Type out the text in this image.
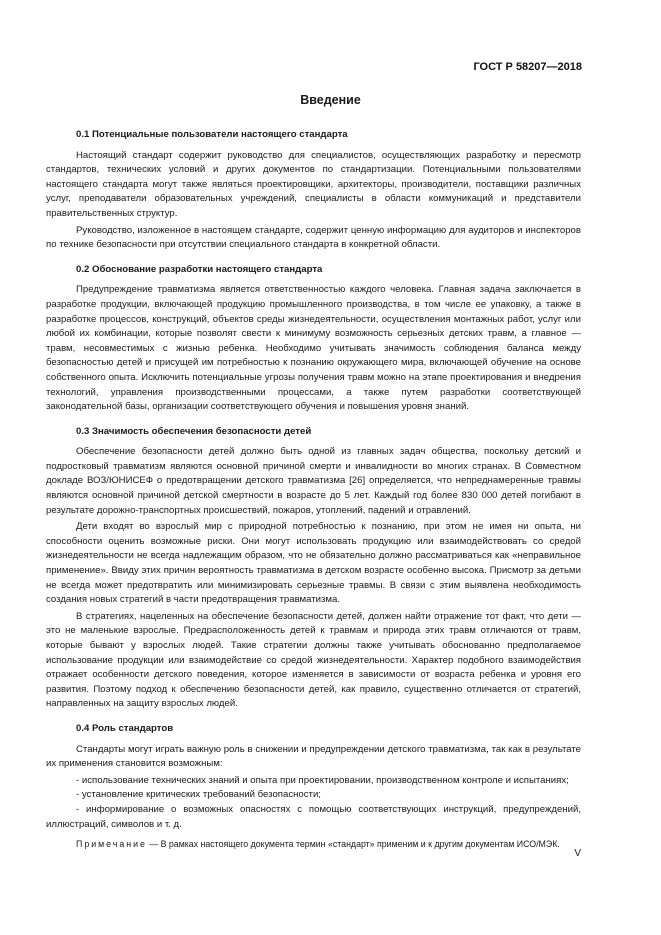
ГОСТ Р 58207—2018
Введение
0.1 Потенциальные пользователи настоящего стандарта

Настоящий стандарт содержит руководство для специалистов, осуществляющих разработку и пересмотр стандартов, технических условий и других документов по стандартизации. Потенциальными пользователями настоящего стандарта могут также являться проектировщики, архитекторы, производители, поставщики различных услуг, преподаватели образовательных учреждений, специалисты в области коммуникаций и представители правительственных структур.

Руководство, изложенное в настоящем стандарте, содержит ценную информацию для аудиторов и инспекторов по технике безопасности при отсутствии специального стандарта в конкретной области.

0.2 Обоснование разработки настоящего стандарта

Предупреждение травматизма является ответственностью каждого человека. Главная задача заключается в разработке продукции, включающей продукцию промышленного производства, в том числе ее упаковку, а также в разработке процессов, конструкций, объектов среды жизнедеятельности, осуществления монтажных работ, услуг или любой их комбинации, которые позволят свести к минимуму возможность серьезных детских травм, а главное — травм, несовместимых с жизнью ребенка. Необходимо учитывать значимость соблюдения баланса между безопасностью детей и присущей им потребностью к познанию окружающего мира, включающей обучение на основе собственного опыта. Исключить потенциальные угрозы получения травм можно на этапе проектирования и внедрения технологий, управления производственными процессами, а также путем разработки соответствующей законодательной базы, организации соответствующего обучения и повышения уровня знаний.

0.3 Значимость обеспечения безопасности детей

Обеспечение безопасности детей должно быть одной из главных задач общества, поскольку детский и подростковый травматизм являются основной причиной смерти и инвалидности во многих странах. В Совместном докладе ВОЗ/ЮНИСЕФ о предотвращении детского травматизма [26] определяется, что непреднамеренные травмы являются основной причиной детской смертности в возрасте до 5 лет. Каждый год более 830 000 детей погибают в результате дорожно-транспортных происшествий, пожаров, утоплений, падений и отравлений.

Дети входят во взрослый мир с природной потребностью к познанию, при этом не имея ни опыта, ни способности оценить возможные риски. Они могут использовать продукцию или взаимодействовать со средой жизнедеятельности не всегда надлежащим образом, что не обязательно должно рассматриваться как «неправильное применение». Ввиду этих причин вероятность травматизма в детском возрасте особенно высока. Присмотр за детьми не всегда может предотвратить или минимизировать серьезные травмы. В связи с этим выявлена необходимость создания новых стратегий в части предотвращения травматизма.

В стратегиях, нацеленных на обеспечение безопасности детей, должен найти отражение тот факт, что дети — это не маленькие взрослые. Предрасположенность детей к травмам и природа этих травм отличаются от травм, которые бывают у взрослых людей. Такие стратегии должны также учитывать обоснованно предполагаемое использование продукции или взаимодействие со средой жизнедеятельности. Характер подобного взаимодействия отражает особенности детского поведения, которое изменяется в зависимости от возраста ребенка и уровня его развития. Поэтому подход к обеспечению безопасности детей, как правило, существенно отличается от стратегий, направленных на защиту взрослых людей.

0.4 Роль стандартов

Стандарты могут играть важную роль в снижении и предупреждении детского травматизма, так как в результате их применения становится возможным:

- использование технических знаний и опыта при проектировании, производственном контроле и испытаниях;

- установление критических требований безопасности;

- информирование о возможных опасностях с помощью соответствующих инструкций, предупреждений, иллюстраций, символов и т. д.

Примечание — В рамках настоящего документа термин «стандарт» применим и к другим документам ИСО/МЭК.

V
